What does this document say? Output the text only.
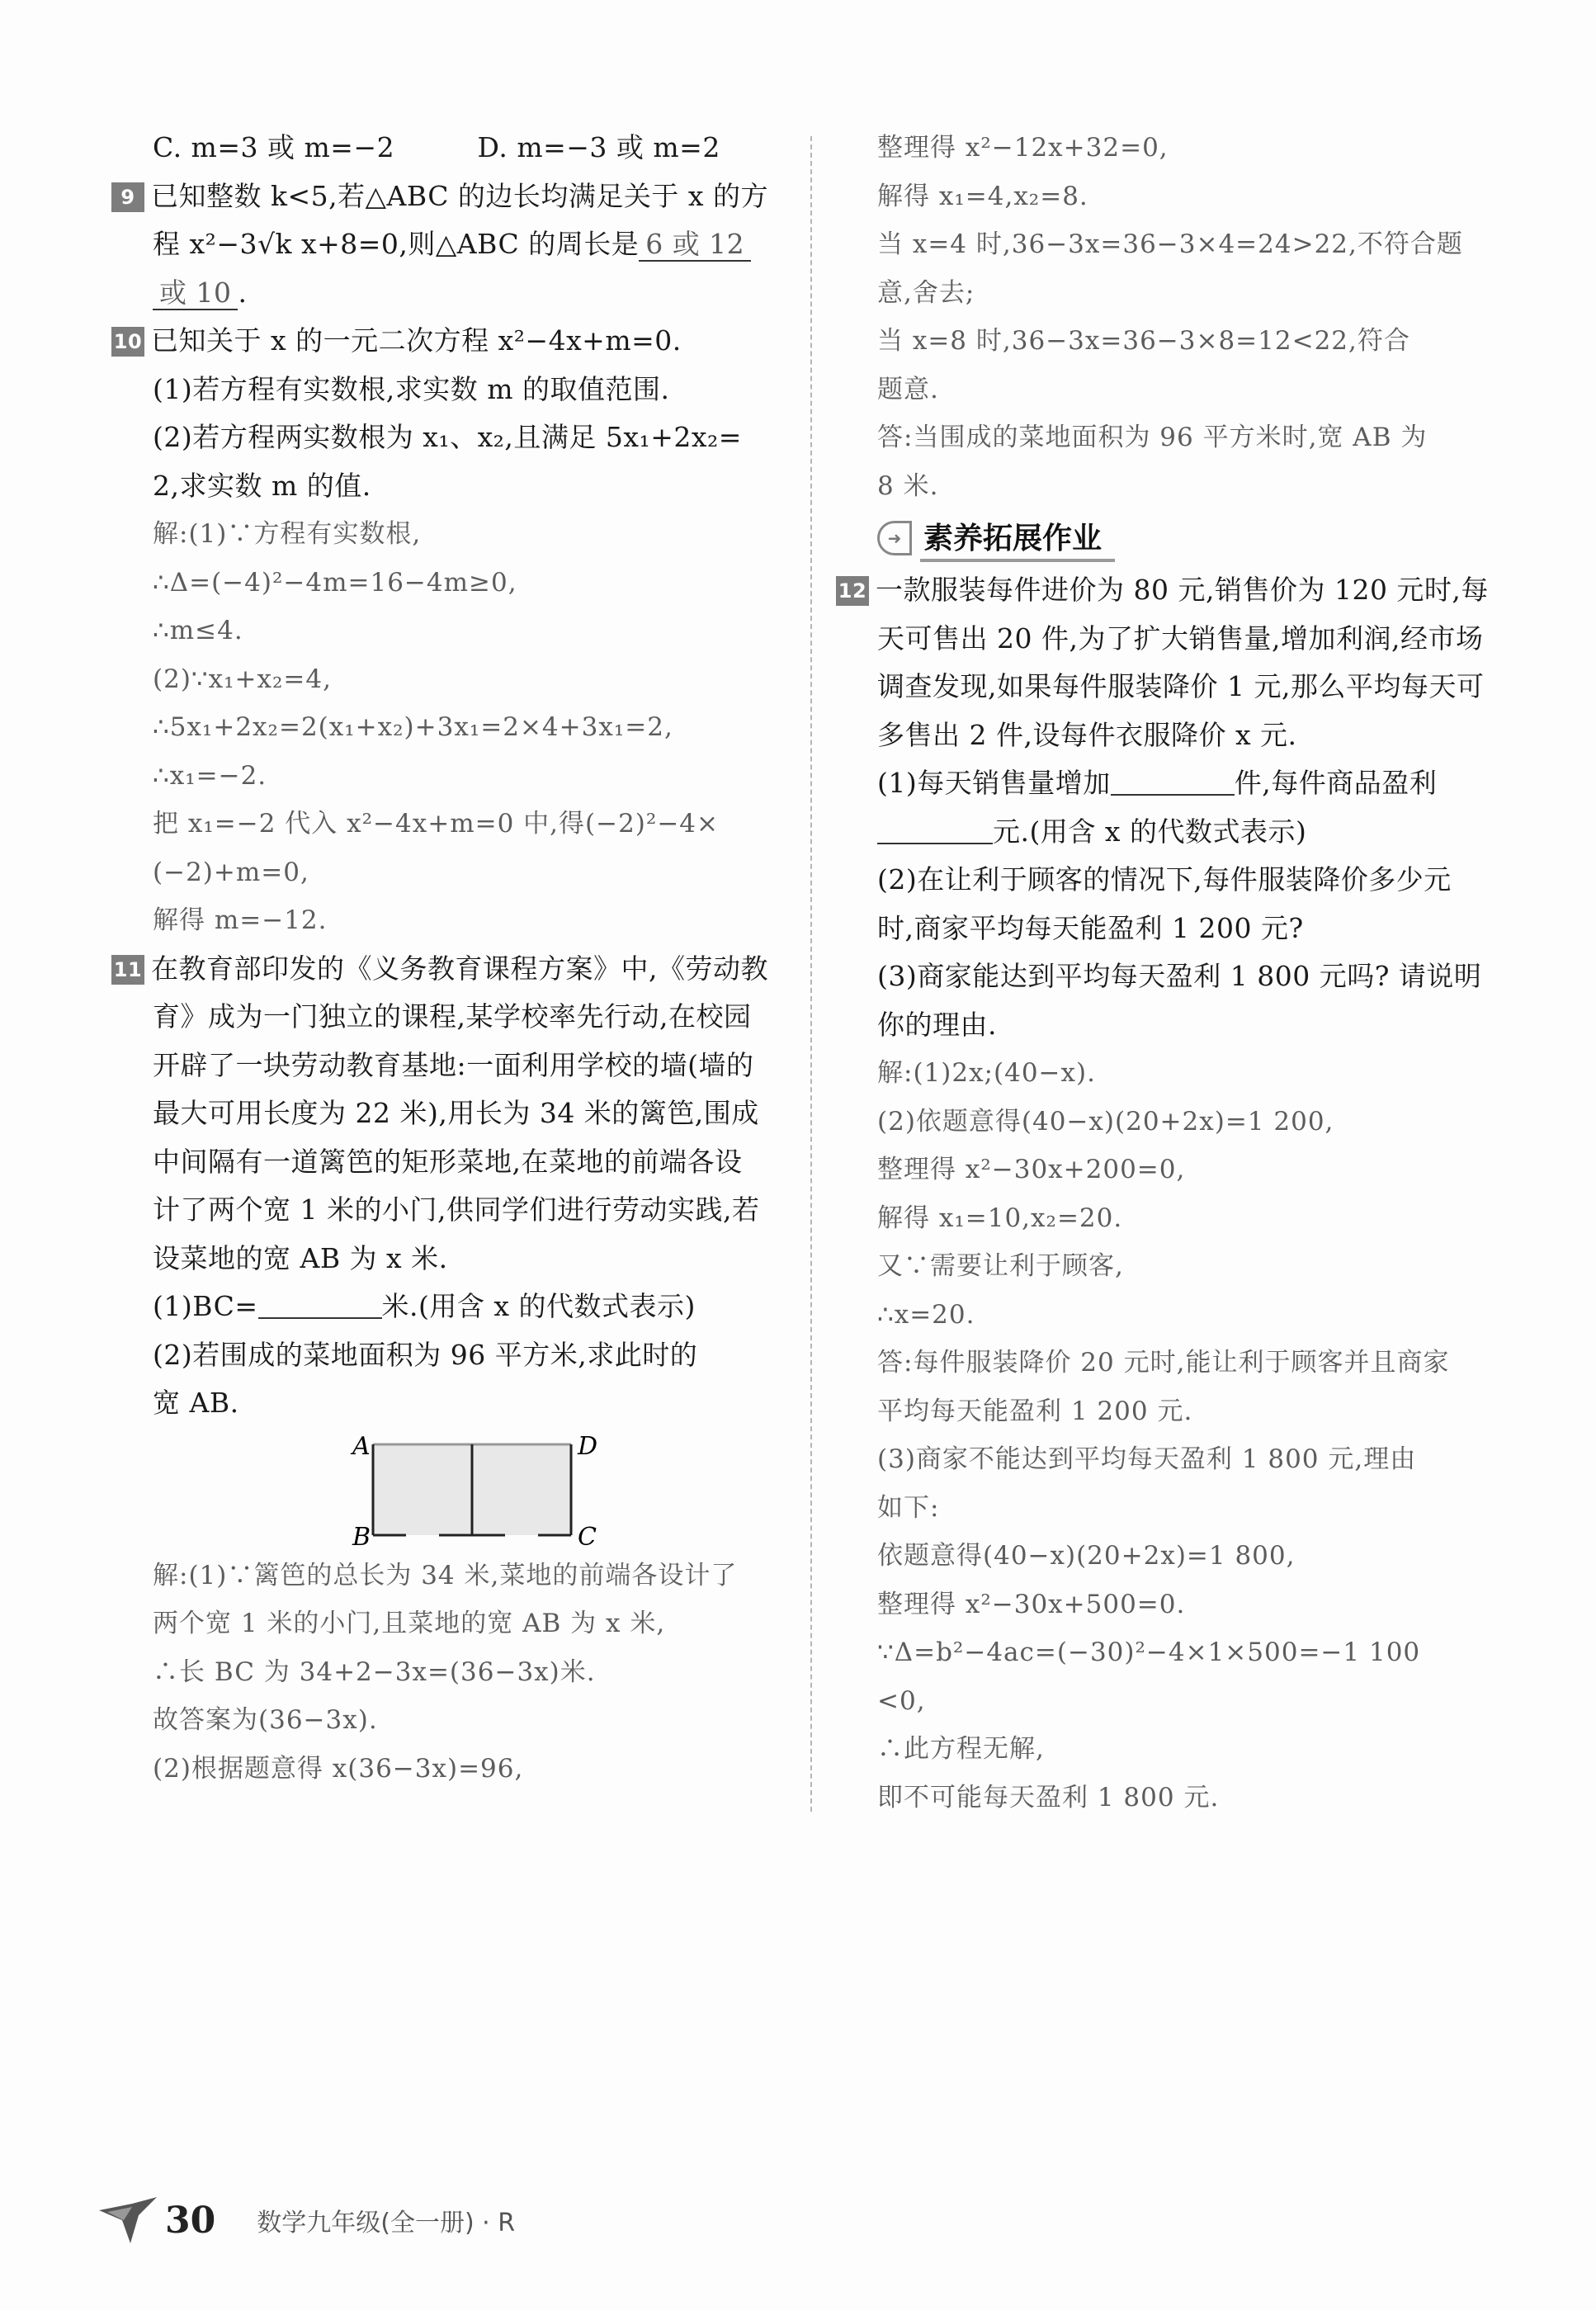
C. m=3 或 m=−2　　　D. m=−3 或 m=2
9 已知整数 k<5,若△ABC 的边长均满足关于 x 的方
程 x²−3√k x+8=0,则△ABC 的周长是 6 或 12
或 10 .
10 已知关于 x 的一元二次方程 x²−4x+m=0.
(1)若方程有实数根,求实数 m 的取值范围.
(2)若方程两实数根为 x₁、x₂,且满足 5x₁+2x₂=
2,求实数 m 的值.
解:(1)∵方程有实数根,
∴Δ=(−4)²−4m=16−4m≥0,
∴m≤4.
(2)∵x₁+x₂=4,
∴5x₁+2x₂=2(x₁+x₂)+3x₁=2×4+3x₁=2,
∴x₁=−2.
把 x₁=−2 代入 x²−4x+m=0 中,得(−2)²−4×
(−2)+m=0,
解得 m=−12.
11 在教育部印发的《义务教育课程方案》中,《劳动教
育》成为一门独立的课程,某学校率先行动,在校园
开辟了一块劳动教育基地:一面利用学校的墙(墙的
最大可用长度为 22 米),用长为 34 米的篱笆,围成
中间隔有一道篱笆的矩形菜地,在菜地的前端各设
计了两个宽 1 米的小门,供同学们进行劳动实践,若
设菜地的宽 AB 为 x 米.
(1)BC=	米.(用含 x 的代数式表示)
(2)若围成的菜地面积为 96 平方米,求此时的
宽 AB.
A	D
B	C
解:(1)∵篱笆的总长为 34 米,菜地的前端各设计了
两个宽 1 米的小门,且菜地的宽 AB 为 x 米,
∴长 BC 为 34+2−3x=(36−3x)米.
故答案为(36−3x).
(2)根据题意得 x(36−3x)=96,
整理得 x²−12x+32=0,
解得 x₁=4,x₂=8.
当 x=4 时,36−3x=36−3×4=24>22,不符合题
意,舍去;
当 x=8 时,36−3x=36−3×8=12<22,符合
题意.
答:当围成的菜地面积为 96 平方米时,宽 AB 为
8 米.
➜ 素养拓展作业
12 一款服装每件进价为 80 元,销售价为 120 元时,每
天可售出 20 件,为了扩大销售量,增加利润,经市场
调查发现,如果每件服装降价 1 元,那么平均每天可
多售出 2 件,设每件衣服降价 x 元.
(1)每天销售量增加	件,每件商品盈利
元.(用含 x 的代数式表示)
(2)在让利于顾客的情况下,每件服装降价多少元
时,商家平均每天能盈利 1 200 元?
(3)商家能达到平均每天盈利 1 800 元吗? 请说明
你的理由.
解:(1)2x;(40−x).
(2)依题意得(40−x)(20+2x)=1 200,
整理得 x²−30x+200=0,
解得 x₁=10,x₂=20.
又∵需要让利于顾客,
∴x=20.
答:每件服装降价 20 元时,能让利于顾客并且商家
平均每天能盈利 1 200 元.
(3)商家不能达到平均每天盈利 1 800 元,理由
如下:
依题意得(40−x)(20+2x)=1 800,
整理得 x²−30x+500=0.
∵Δ=b²−4ac=(−30)²−4×1×500=−1 100
<0,
∴此方程无解,
即不可能每天盈利 1 800 元.
30 数学九年级(全一册) · R
